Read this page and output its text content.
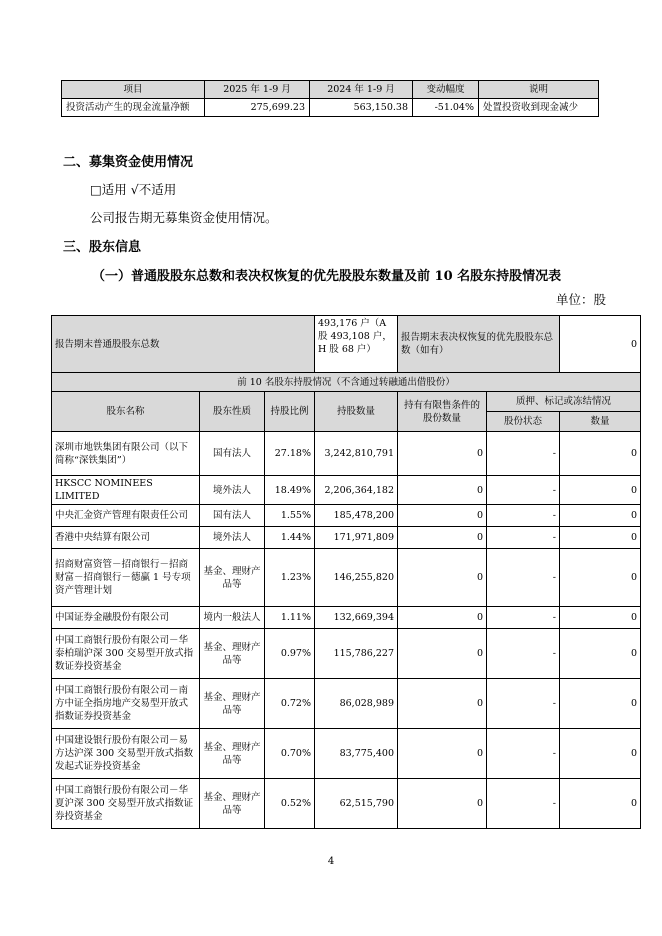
项目	2025 年 1-9 月	2024 年 1-9 月	变动幅度	说明
投资活动产生的现金流量净额	275,699.23	563,150.38	-51.04%	处置投资收到现金减少
二、募集资金使用情况
□适用 √不适用
公司报告期无募集资金使用情况。
三、股东信息
（一）普通股股东总数和表决权恢复的优先股股东数量及前 10 名股东持股情况表
单位：股
报告期末普通股股东总数			493,176 户（A 股 493,108 户，H 股 68 户）	报告期末表决权恢复的优先股股东总数（如有）		0
前 10 名股东持股情况（不含通过转融通出借股份）						
股东名称	股东性质	持股比例	持股数量	持有有限售条件的股份数量	质押、标记或冻结情况	
					股份状态	数量
深圳市地铁集团有限公司（以下简称“深铁集团”）	国有法人	27.18%	3,242,810,791	0	-	0
HKSCC NOMINEES LIMITED	境外法人	18.49%	2,206,364,182	0	-	0
中央汇金资产管理有限责任公司	国有法人	1.55%	185,478,200	0	-	0
香港中央结算有限公司	境外法人	1.44%	171,971,809	0	-	0
招商财富资管－招商银行－招商财富－招商银行－德赢 1 号专项资产管理计划	基金、理财产品等	1.23%	146,255,820	0	-	0
中国证券金融股份有限公司	境内一般法人	1.11%	132,669,394	0	-	0
中国工商银行股份有限公司－华泰柏瑞沪深 300 交易型开放式指数证券投资基金	基金、理财产品等	0.97%	115,786,227	0	-	0
中国工商银行股份有限公司－南方中证全指房地产交易型开放式指数证券投资基金	基金、理财产品等	0.72%	86,028,989	0	-	0
中国建设银行股份有限公司－易方达沪深 300 交易型开放式指数发起式证券投资基金	基金、理财产品等	0.70%	83,775,400	0	-	0
中国工商银行股份有限公司－华夏沪深 300 交易型开放式指数证券投资基金	基金、理财产品等	0.52%	62,515,790	0	-	0
4
